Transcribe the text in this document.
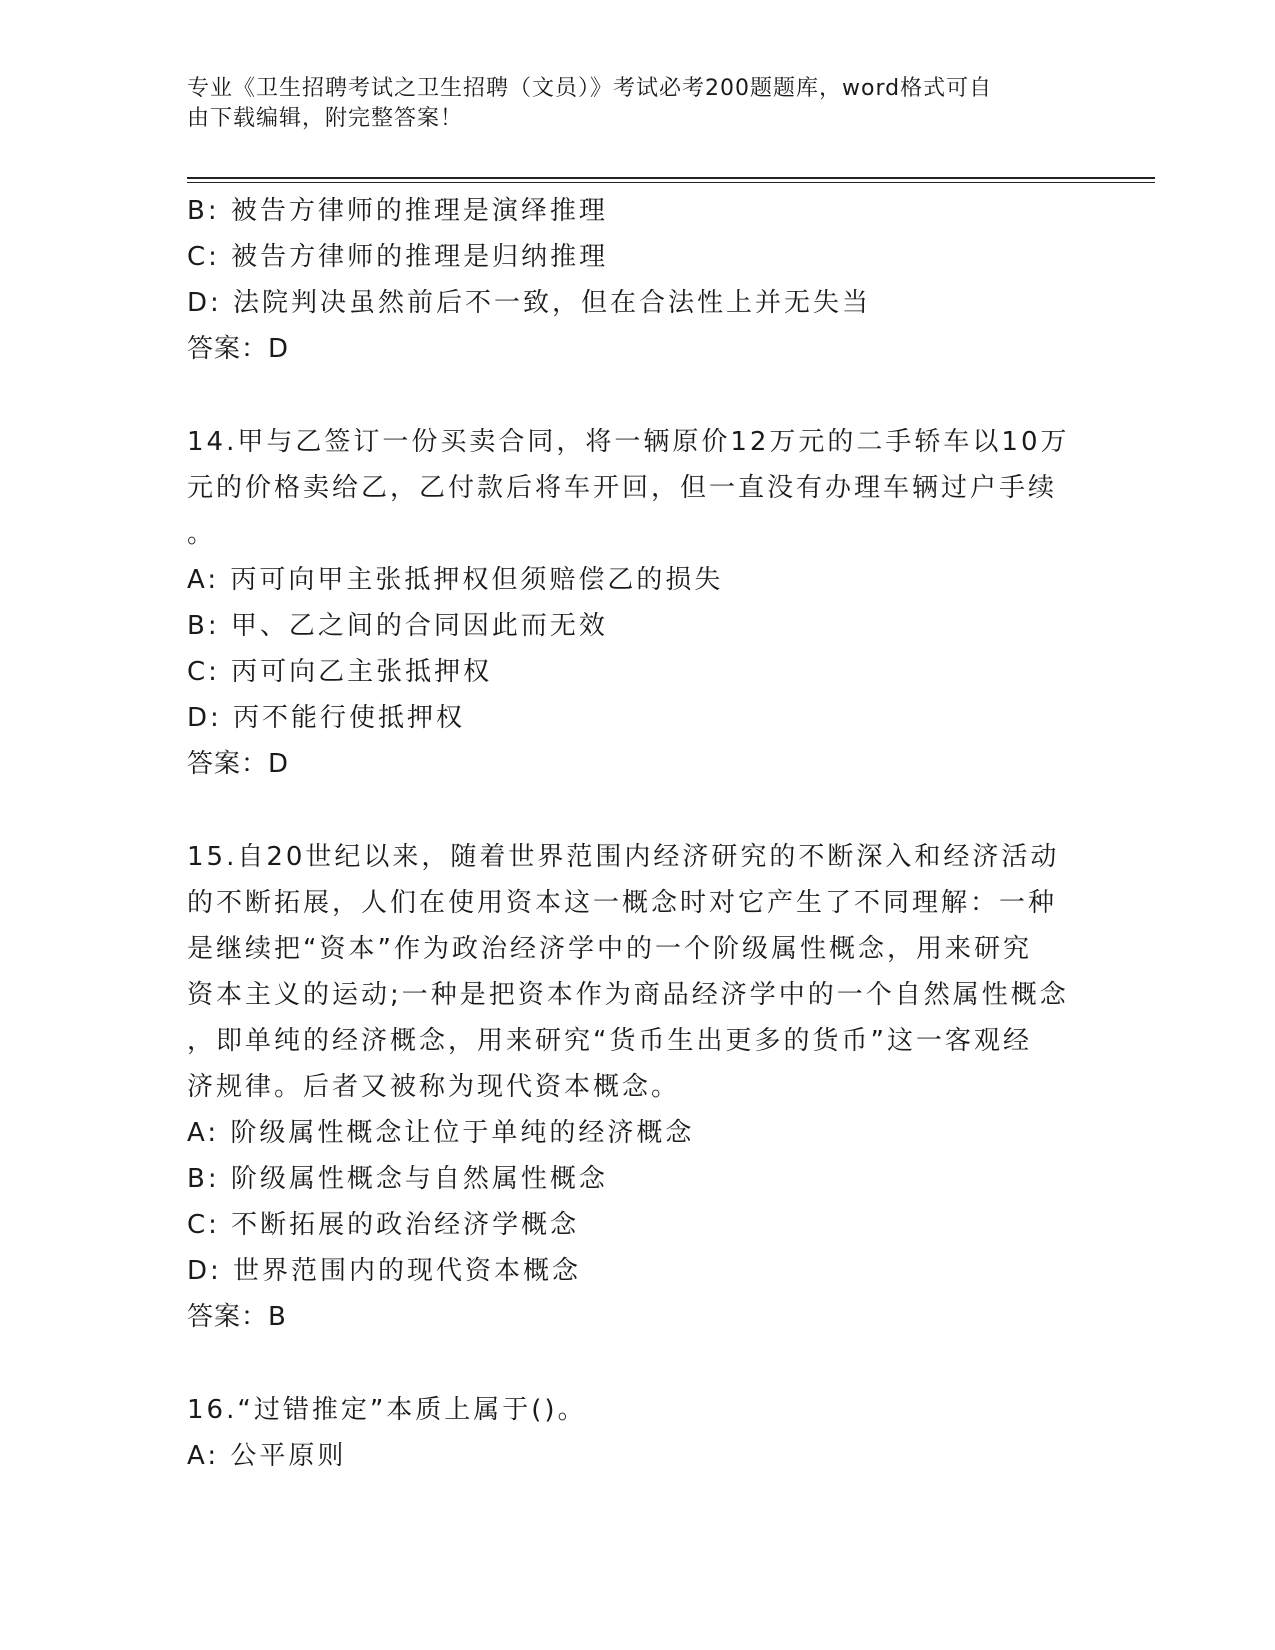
专业《卫生招聘考试之卫生招聘（文员）》考试必考200题题库，word格式可自
由下载编辑，附完整答案！
B: 被告方律师的推理是演绎推理
C: 被告方律师的推理是归纳推理
D: 法院判决虽然前后不一致，但在合法性上并无失当
答案：D
14.甲与乙签订一份买卖合同，将一辆原价12万元的二手轿车以10万
元的价格卖给乙，乙付款后将车开回，但一直没有办理车辆过户手续
。
A: 丙可向甲主张抵押权但须赔偿乙的损失
B: 甲、乙之间的合同因此而无效
C: 丙可向乙主张抵押权
D: 丙不能行使抵押权
答案：D
15.自20世纪以来，随着世界范围内经济研究的不断深入和经济活动
的不断拓展，人们在使用资本这一概念时对它产生了不同理解：一种
是继续把“资本”作为政治经济学中的一个阶级属性概念，用来研究
资本主义的运动;一种是把资本作为商品经济学中的一个自然属性概念
，即单纯的经济概念，用来研究“货币生出更多的货币”这一客观经
济规律。后者又被称为现代资本概念。
A: 阶级属性概念让位于单纯的经济概念
B: 阶级属性概念与自然属性概念
C: 不断拓展的政治经济学概念
D: 世界范围内的现代资本概念
答案：B
16.“过错推定”本质上属于()。
A: 公平原则
